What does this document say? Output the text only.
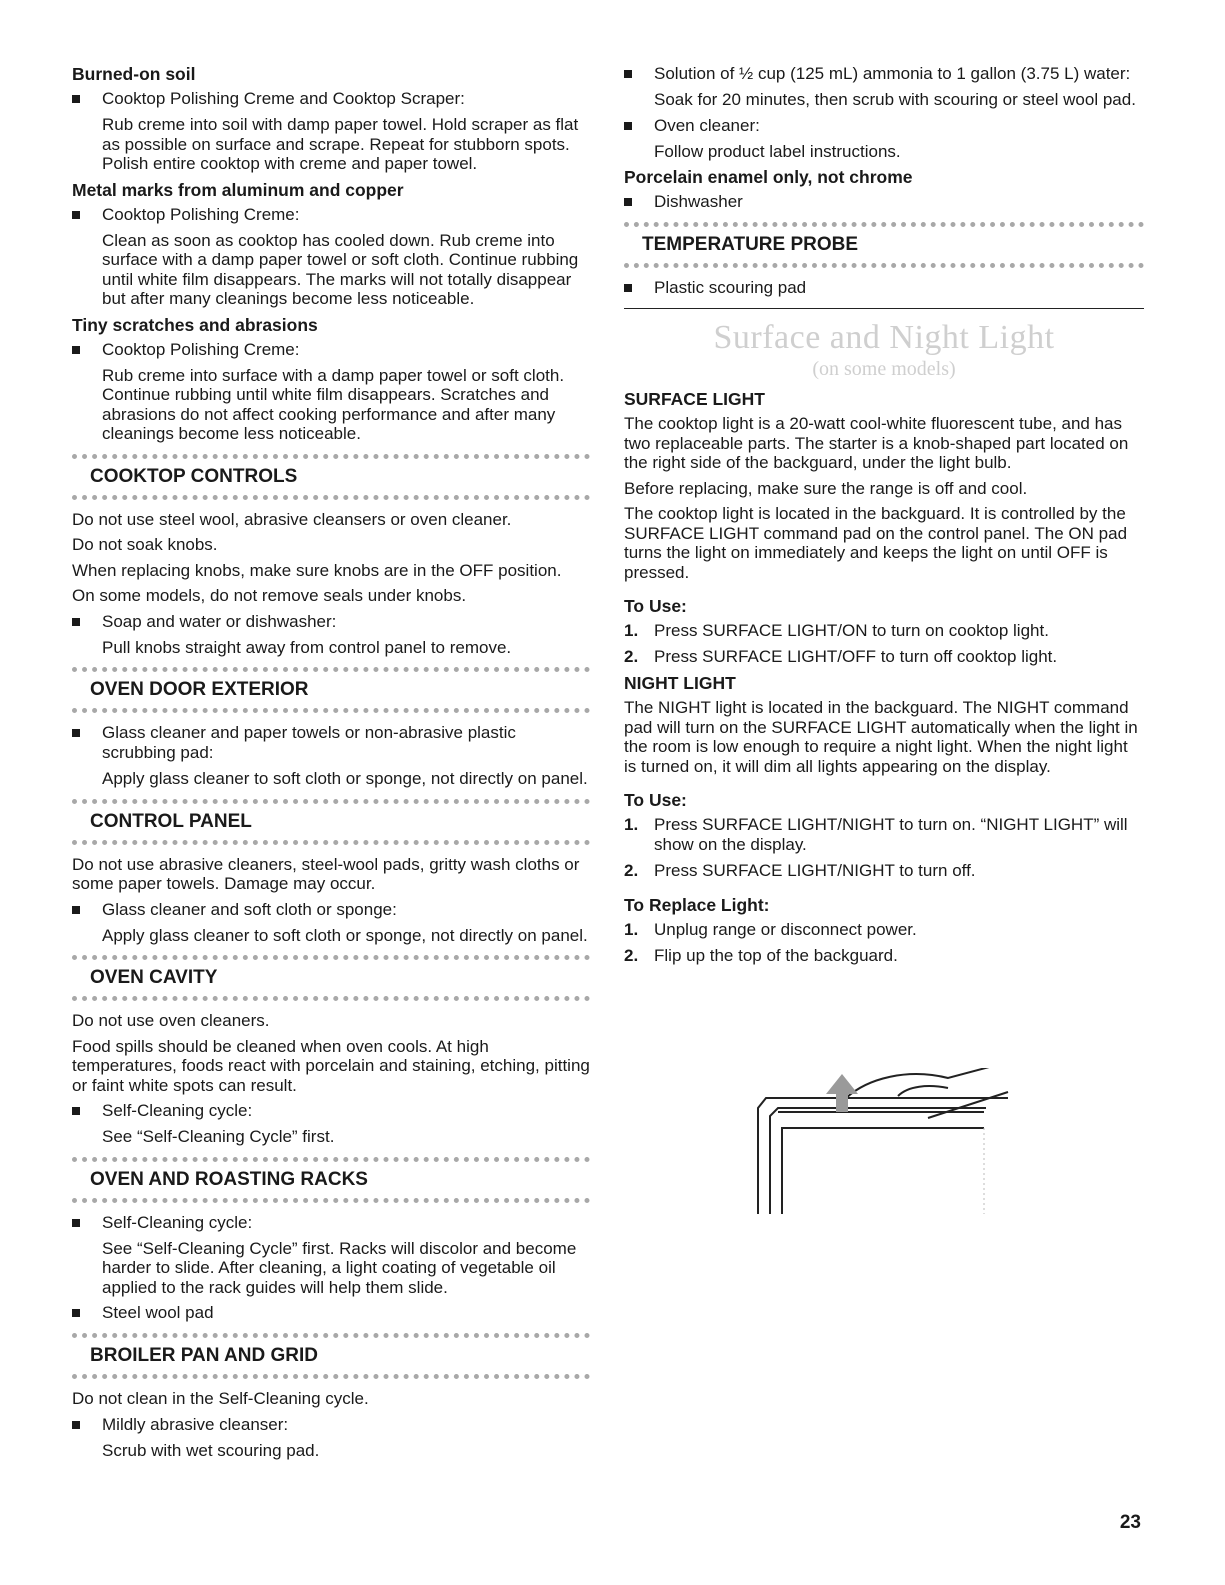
Burned-on soil
Cooktop Polishing Creme and Cooktop Scraper:
Rub creme into soil with damp paper towel. Hold scraper as flat as possible on surface and scrape. Repeat for stubborn spots. Polish entire cooktop with creme and paper towel.
Metal marks from aluminum and copper
Cooktop Polishing Creme:
Clean as soon as cooktop has cooled down. Rub creme into surface with a damp paper towel or soft cloth. Continue rubbing until white film disappears. The marks will not totally disappear but after many cleanings become less noticeable.
Tiny scratches and abrasions
Cooktop Polishing Creme:
Rub creme into surface with a damp paper towel or soft cloth. Continue rubbing until white film disappears. Scratches and abrasions do not affect cooking performance and after many cleanings become less noticeable.
COOKTOP CONTROLS
Do not use steel wool, abrasive cleansers or oven cleaner.
Do not soak knobs.
When replacing knobs, make sure knobs are in the OFF position.
On some models, do not remove seals under knobs.
Soap and water or dishwasher:
Pull knobs straight away from control panel to remove.
OVEN DOOR EXTERIOR
Glass cleaner and paper towels or non-abrasive plastic scrubbing pad:
Apply glass cleaner to soft cloth or sponge, not directly on panel.
CONTROL PANEL
Do not use abrasive cleaners, steel-wool pads, gritty wash cloths or some paper towels. Damage may occur.
Glass cleaner and soft cloth or sponge:
Apply glass cleaner to soft cloth or sponge, not directly on panel.
OVEN CAVITY
Do not use oven cleaners.
Food spills should be cleaned when oven cools. At high temperatures, foods react with porcelain and staining, etching, pitting or faint white spots can result.
Self-Cleaning cycle:
See “Self-Cleaning Cycle” first.
OVEN AND ROASTING RACKS
Self-Cleaning cycle:
See “Self-Cleaning Cycle” first. Racks will discolor and become harder to slide. After cleaning, a light coating of vegetable oil applied to the rack guides will help them slide.
Steel wool pad
BROILER PAN AND GRID
Do not clean in the Self-Cleaning cycle.
Mildly abrasive cleanser:
Scrub with wet scouring pad.
Solution of ½ cup (125 mL) ammonia to 1 gallon (3.75 L) water:
Soak for 20 minutes, then scrub with scouring or steel wool pad.
Oven cleaner:
Follow product label instructions.
Porcelain enamel only, not chrome
Dishwasher
TEMPERATURE PROBE
Plastic scouring pad
Surface and Night Light
(on some models)
SURFACE LIGHT
The cooktop light is a 20-watt cool-white fluorescent tube, and has two replaceable parts. The starter is a knob-shaped part located on the right side of the backguard, under the light bulb.
Before replacing, make sure the range is off and cool.
The cooktop light is located in the backguard. It is controlled by the SURFACE LIGHT command pad on the control panel. The ON pad turns the light on immediately and keeps the light on until OFF is pressed.
To Use:
1. Press SURFACE LIGHT/ON to turn on cooktop light.
2. Press SURFACE LIGHT/OFF to turn off cooktop light.
NIGHT LIGHT
The NIGHT light is located in the backguard. The NIGHT command pad will turn on the SURFACE LIGHT automatically when the light in the room is low enough to require a night light. When the night light is turned on, it will dim all lights appearing on the display.
To Use:
1. Press SURFACE LIGHT/NIGHT to turn on. “NIGHT LIGHT” will show on the display.
2. Press SURFACE LIGHT/NIGHT to turn off.
To Replace Light:
1. Unplug range or disconnect power.
2. Flip up the top of the backguard.
23
